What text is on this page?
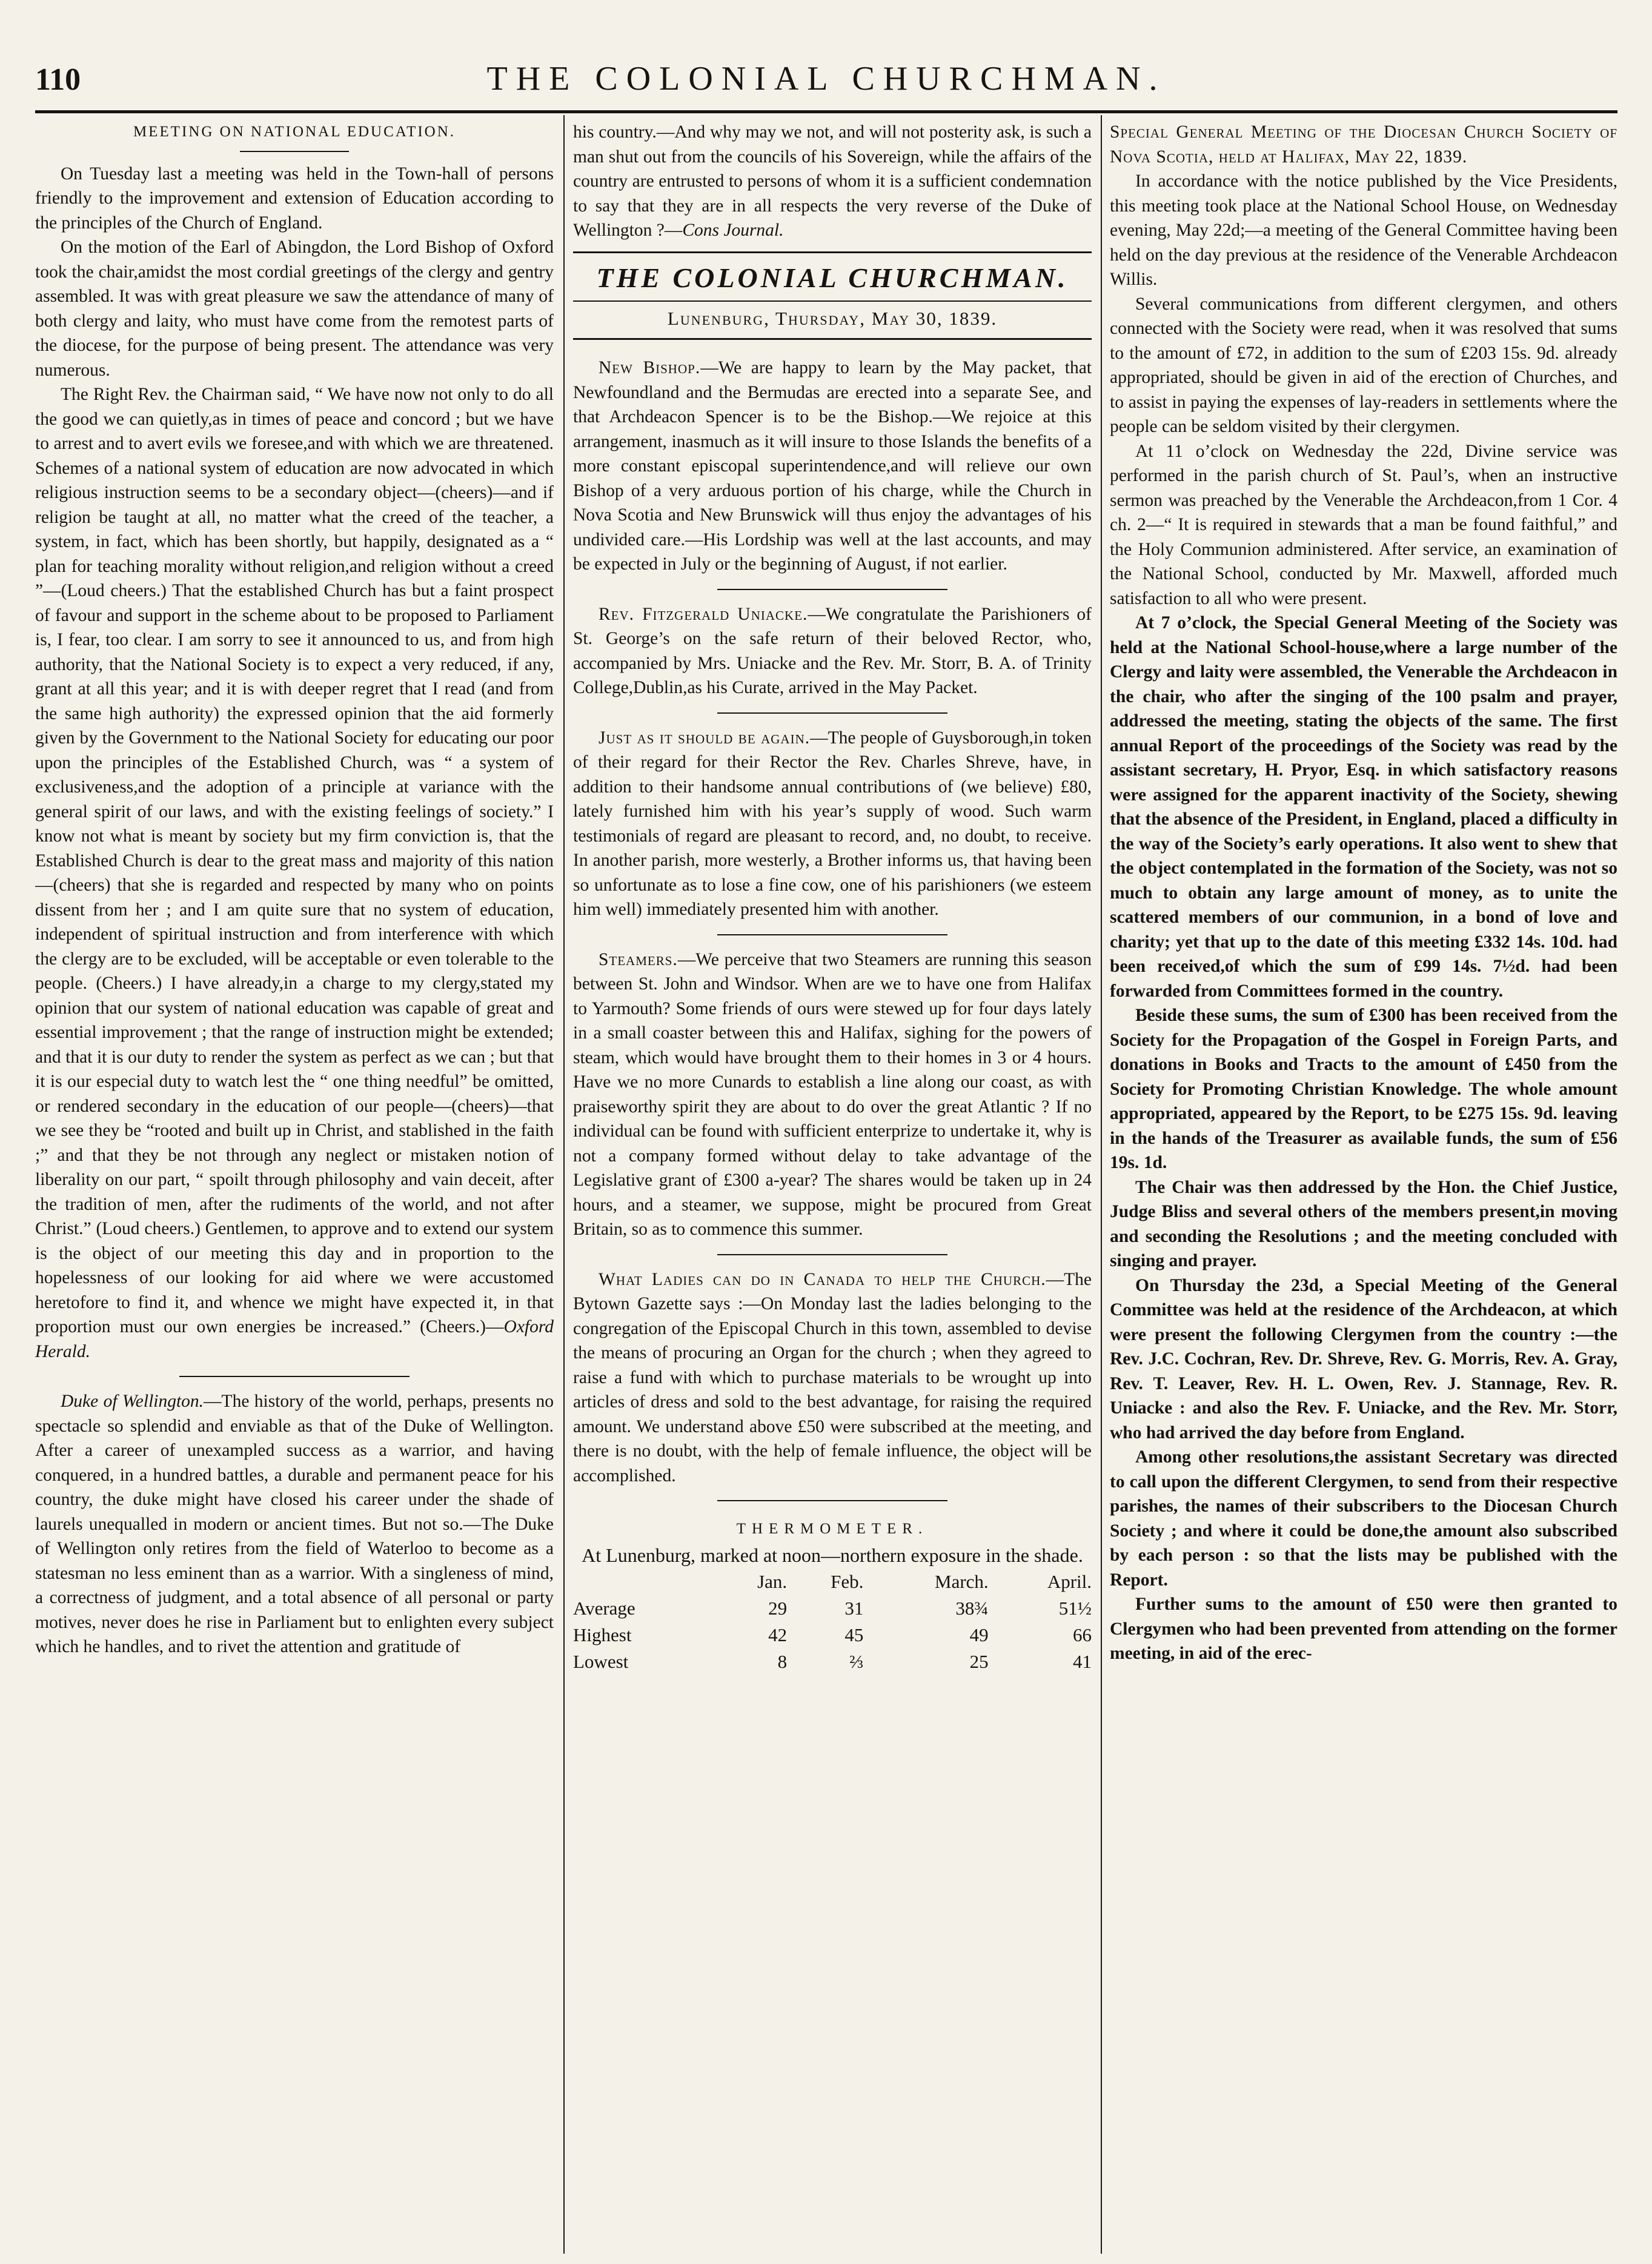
110	THE COLONIAL CHURCHMAN.
MEETING ON NATIONAL EDUCATION.

On Tuesday last a meeting was held in the Town-hall of persons friendly to the improvement and extension of Education according to the principles of the Church of England.

On the motion of the Earl of Abingdon, the Lord Bishop of Oxford took the chair,amidst the most cordial greetings of the clergy and gentry assembled. It was with great pleasure we saw the attendance of many of both clergy and laity, who must have come from the remotest parts of the diocese, for the purpose of being present. The attendance was very numerous.

The Right Rev. the Chairman said, “ We have now not only to do all the good we can quietly,as in times of peace and concord ; but we have to arrest and to avert evils we foresee,and with which we are threatened. Schemes of a national system of education are now advocated in which religious instruction seems to be a secondary object—(cheers)—and if religion be taught at all, no matter what the creed of the teacher, a system, in fact, which has been shortly, but happily, designated as a “ plan for teaching morality without religion,and religion without a creed ”—(Loud cheers.) That the established Church has but a faint prospect of favour and support in the scheme about to be proposed to Parliament is, I fear, too clear. I am sorry to see it announced to us, and from high authority, that the National Society is to expect a very reduced, if any, grant at all this year; and it is with deeper regret that I read (and from the same high authority) the expressed opinion that the aid formerly given by the Government to the National Society for educating our poor upon the principles of the Established Church, was “ a system of exclusiveness,and the adoption of a principle at variance with the general spirit of our laws, and with the existing feelings of society.” I know not what is meant by society but my firm conviction is, that the Established Church is dear to the great mass and majority of this nation—(cheers) that she is regarded and respected by many who on points dissent from her ; and I am quite sure that no system of education, independent of spiritual instruction and from interference with which the clergy are to be excluded, will be acceptable or even tolerable to the people. (Cheers.) I have already,in a charge to my clergy,stated my opinion that our system of national education was capable of great and essential improvement ; that the range of instruction might be extended; and that it is our duty to render the system as perfect as we can ; but that it is our especial duty to watch lest the “ one thing needful” be omitted, or rendered secondary in the education of our people—(cheers)—that we see they be “rooted and built up in Christ, and stablished in the faith ;” and that they be not through any neglect or mistaken notion of liberality on our part, “ spoilt through philosophy and vain deceit, after the tradition of men, after the rudiments of the world, and not after Christ.” (Loud cheers.) Gentlemen, to approve and to extend our system is the object of our meeting this day and in proportion to the hopelessness of our looking for aid where we were accustomed heretofore to find it, and whence we might have expected it, in that proportion must our own energies be increased.” (Cheers.)—Oxford Herald.

Duke of Wellington.—The history of the world, perhaps, presents no spectacle so splendid and enviable as that of the Duke of Wellington. After a career of unexampled success as a warrior, and having conquered, in a hundred battles, a durable and permanent peace for his country, the duke might have closed his career under the shade of laurels unequalled in modern or ancient times. But not so.—The Duke of Wellington only retires from the field of Waterloo to become as a statesman no less eminent than as a warrior. With a singleness of mind, a correctness of judgment, and a total absence of all personal or party motives, never does he rise in Parliament but to enlighten every subject which he handles, and to rivet the attention and gratitude of

his country.—And why may we not, and will not posterity ask, is such a man shut out from the councils of his Sovereign, while the affairs of the country are entrusted to persons of whom it is a sufficient condemnation to say that they are in all respects the very reverse of the Duke of Wellington ?—Cons Journal.

THE COLONIAL CHURCHMAN.
Lunenburg, Thursday, May 30, 1839.

New Bishop.—We are happy to learn by the May packet, that Newfoundland and the Bermudas are erected into a separate See, and that Archdeacon Spencer is to be the Bishop.—We rejoice at this arrangement, inasmuch as it will insure to those Islands the benefits of a more constant episcopal superintendence,and will relieve our own Bishop of a very arduous portion of his charge, while the Church in Nova Scotia and New Brunswick will thus enjoy the advantages of his undivided care.—His Lordship was well at the last accounts, and may be expected in July or the beginning of August, if not earlier.

Rev. Fitzgerald Uniacke.—We congratulate the Parishioners of St. George’s on the safe return of their beloved Rector, who, accompanied by Mrs. Uniacke and the Rev. Mr. Storr, B. A. of Trinity College,Dublin,as his Curate, arrived in the May Packet.

Just as it should be again.—The people of Guysborough,in token of their regard for their Rector the Rev. Charles Shreve, have, in addition to their handsome annual contributions of (we believe) £80, lately furnished him with his year’s supply of wood. Such warm testimonials of regard are pleasant to record, and, no doubt, to receive. In another parish, more westerly, a Brother informs us, that having been so unfortunate as to lose a fine cow, one of his parishioners (we esteem him well) immediately presented him with another.

Steamers.—We perceive that two Steamers are running this season between St. John and Windsor. When are we to have one from Halifax to Yarmouth? Some friends of ours were stewed up for four days lately in a small coaster between this and Halifax, sighing for the powers of steam, which would have brought them to their homes in 3 or 4 hours. Have we no more Cunards to establish a line along our coast, as with praiseworthy spirit they are about to do over the great Atlantic ? If no individual can be found with sufficient enterprize to undertake it, why is not a company formed without delay to take advantage of the Legislative grant of £300 a-year? The shares would be taken up in 24 hours, and a steamer, we suppose, might be procured from Great Britain, so as to commence this summer.

What Ladies can do in Canada to help the Church.—The Bytown Gazette says :—On Monday last the ladies belonging to the congregation of the Episcopal Church in this town, assembled to devise the means of procuring an Organ for the church ; when they agreed to raise a fund with which to purchase materials to be wrought up into articles of dress and sold to the best advantage, for raising the required amount. We understand above £50 were subscribed at the meeting, and there is no doubt, with the help of female influence, the object will be accomplished.

THERMOMETER.
At Lunenburg, marked at noon—northern exposure in the shade.
	Jan.	Feb.	March.	April.
Average	29	31	38¾	51½
Highest	42	45	49	66
Lowest	8	⅔	25	41

Special General Meeting of the Diocesan Church Society of Nova Scotia, held at Halifax, May 22, 1839.

In accordance with the notice published by the Vice Presidents, this meeting took place at the National School House, on Wednesday evening, May 22d;—a meeting of the General Committee having been held on the day previous at the residence of the Venerable Archdeacon Willis.

Several communications from different clergymen, and others connected with the Society were read, when it was resolved that sums to the amount of £72, in addition to the sum of £203 15s. 9d. already appropriated, should be given in aid of the erection of Churches, and to assist in paying the expenses of lay-readers in settlements where the people can be seldom visited by their clergymen.

At 11 o’clock on Wednesday the 22d, Divine service was performed in the parish church of St. Paul’s, when an instructive sermon was preached by the Venerable the Archdeacon,from 1 Cor. 4 ch. 2—“ It is required in stewards that a man be found faithful,” and the Holy Communion administered. After service, an examination of the National School, conducted by Mr. Maxwell, afforded much satisfaction to all who were present.

At 7 o’clock, the Special General Meeting of the Society was held at the National School-house,where a large number of the Clergy and laity were assembled, the Venerable the Archdeacon in the chair, who after the singing of the 100 psalm and prayer, addressed the meeting, stating the objects of the same. The first annual Report of the proceedings of the Society was read by the assistant secretary, H. Pryor, Esq. in which satisfactory reasons were assigned for the apparent inactivity of the Society, shewing that the absence of the President, in England, placed a difficulty in the way of the Society’s early operations. It also went to shew that the object contemplated in the formation of the Society, was not so much to obtain any large amount of money, as to unite the scattered members of our communion, in a bond of love and charity; yet that up to the date of this meeting £332 14s. 10d. had been received,of which the sum of £99 14s. 7½d. had been forwarded from Committees formed in the country.

Beside these sums, the sum of £300 has been received from the Society for the Propagation of the Gospel in Foreign Parts, and donations in Books and Tracts to the amount of £450 from the Society for Promoting Christian Knowledge. The whole amount appropriated, appeared by the Report, to be £275 15s. 9d. leaving in the hands of the Treasurer as available funds, the sum of £56 19s. 1d.

The Chair was then addressed by the Hon. the Chief Justice, Judge Bliss and several others of the members present,in moving and seconding the Resolutions ; and the meeting concluded with singing and prayer.

On Thursday the 23d, a Special Meeting of the General Committee was held at the residence of the Archdeacon, at which were present the following Clergymen from the country :—the Rev. J.C. Cochran, Rev. Dr. Shreve, Rev. G. Morris, Rev. A. Gray, Rev. T. Leaver, Rev. H. L. Owen, Rev. J. Stannage, Rev. R. Uniacke : and also the Rev. F. Uniacke, and the Rev. Mr. Storr, who had arrived the day before from England.

Among other resolutions,the assistant Secretary was directed to call upon the different Clergymen, to send from their respective parishes, the names of their subscribers to the Diocesan Church Society ; and where it could be done,the amount also subscribed by each person : so that the lists may be published with the Report.

Further sums to the amount of £50 were then granted to Clergymen who had been prevented from attending on the former meeting, in aid of the erec-
